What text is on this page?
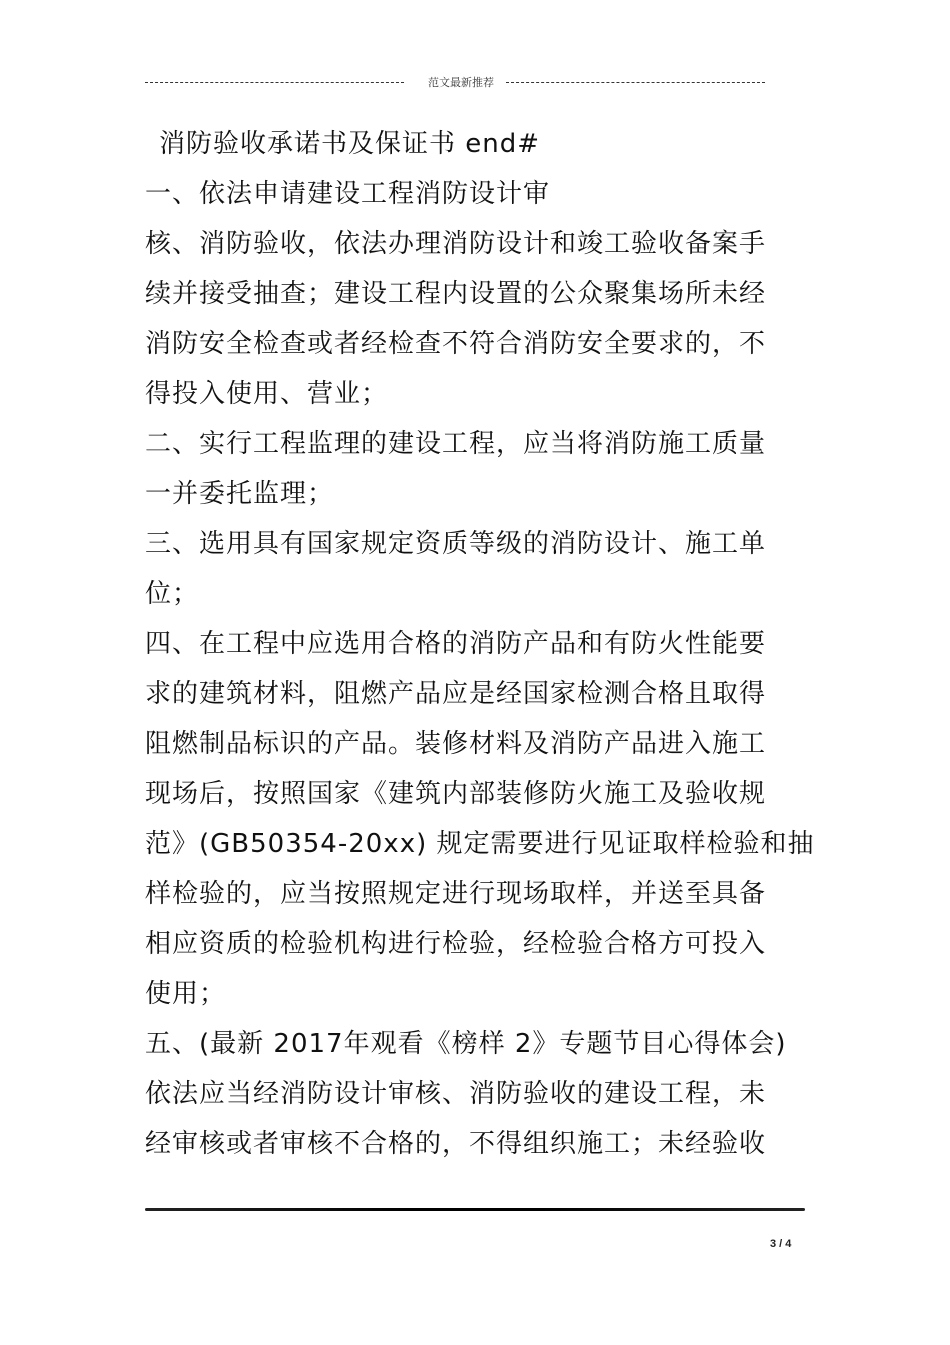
范文最新推荐
消防验收承诺书及保证书 end#
一、依法申请建设工程消防设计审
核、消防验收，依法办理消防设计和竣工验收备案手
续并接受抽查；建设工程内设置的公众聚集场所未经
消防安全检查或者经检查不符合消防安全要求的，不
得投入使用、营业；
二、实行工程监理的建设工程，应当将消防施工质量
一并委托监理；
三、选用具有国家规定资质等级的消防设计、施工单
位；
四、在工程中应选用合格的消防产品和有防火性能要
求的建筑材料，阻燃产品应是经国家检测合格且取得
阻燃制品标识的产品。装修材料及消防产品进入施工
现场后，按照国家《建筑内部装修防火施工及验收规
范》(GB50354-20xx) 规定需要进行见证取样检验和抽
样检验的，应当按照规定进行现场取样，并送至具备
相应资质的检验机构进行检验，经检验合格方可投入
使用；
五、(最新 2017年观看《榜样 2》专题节目心得体会)
依法应当经消防设计审核、消防验收的建设工程，未
经审核或者审核不合格的，不得组织施工；未经验收
3 / 4
